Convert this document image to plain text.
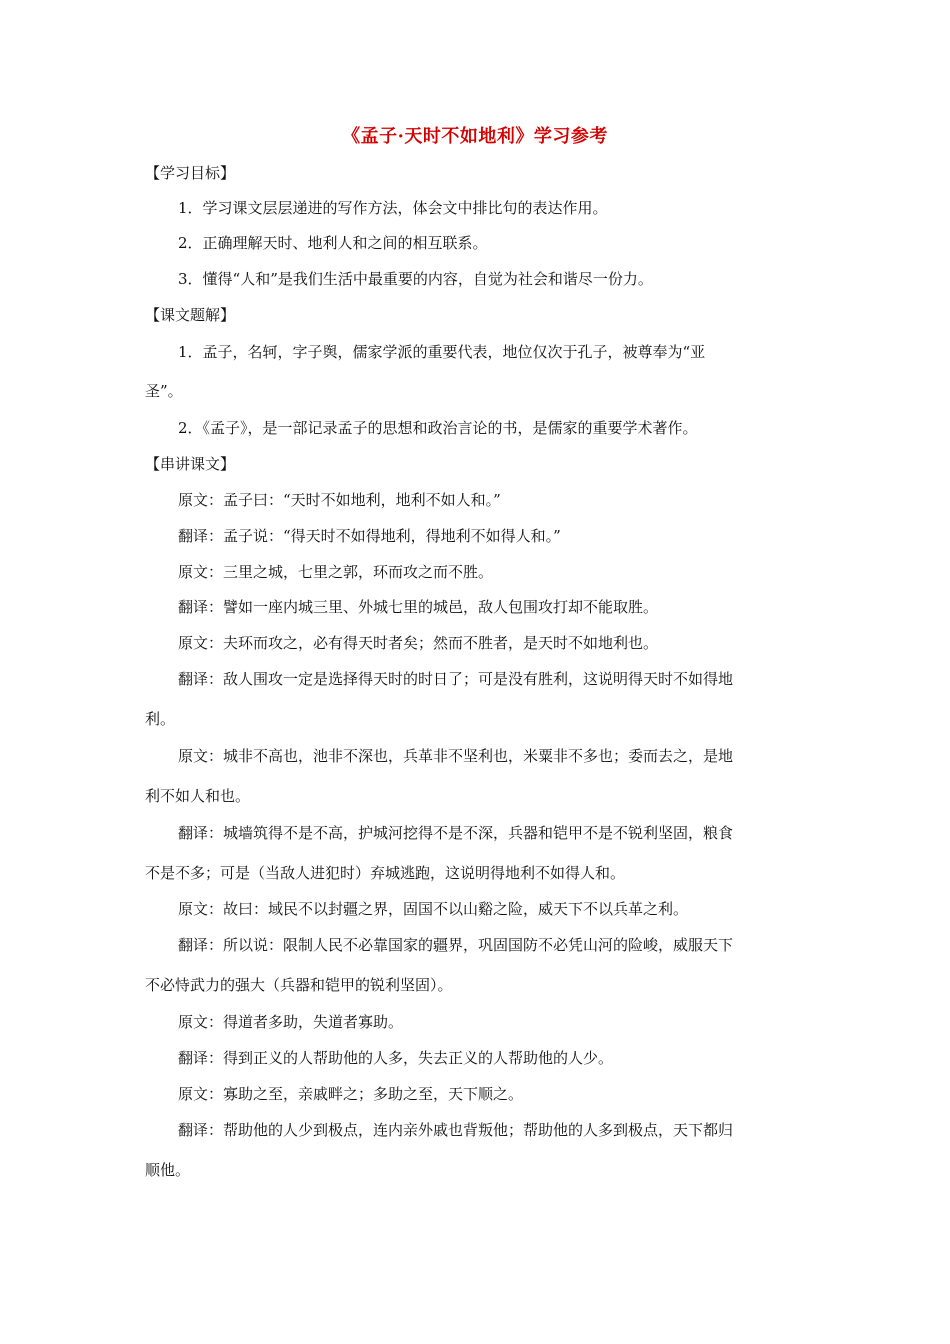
《孟子·天时不如地利》学习参考
【学习目标】
1．学习课文层层递进的写作方法，体会文中排比句的表达作用。
2．正确理解天时、地利人和之间的相互联系。
3．懂得“人和”是我们生活中最重要的内容，自觉为社会和谐尽一份力。
【课文题解】
1．孟子，名轲，字子舆，儒家学派的重要代表，地位仅次于孔子，被尊奉为“亚
圣”。
2．《孟子》，是一部记录孟子的思想和政治言论的书，是儒家的重要学术著作。
【串讲课文】
原文：孟子曰：“天时不如地利，地利不如人和。”
翻译：孟子说：“得天时不如得地利，得地利不如得人和。”
原文：三里之城，七里之郭，环而攻之而不胜。
翻译：譬如一座内城三里、外城七里的城邑，敌人包围攻打却不能取胜。
原文：夫环而攻之，必有得天时者矣；然而不胜者，是天时不如地利也。
翻译：敌人围攻一定是选择得天时的时日了；可是没有胜利，这说明得天时不如得地
利。
原文：城非不高也，池非不深也，兵革非不坚利也，米粟非不多也；委而去之，是地
利不如人和也。
翻译：城墙筑得不是不高，护城河挖得不是不深，兵器和铠甲不是不锐利坚固，粮食
不是不多；可是（当敌人进犯时）弃城逃跑，这说明得地利不如得人和。
原文：故曰：域民不以封疆之界，固国不以山谿之险，威天下不以兵革之利。
翻译：所以说：限制人民不必靠国家的疆界，巩固国防不必凭山河的险峻，威服天下
不必恃武力的强大（兵器和铠甲的锐利坚固）。
原文：得道者多助，失道者寡助。
翻译：得到正义的人帮助他的人多，失去正义的人帮助他的人少。
原文：寡助之至，亲戚畔之；多助之至，天下顺之。
翻译：帮助他的人少到极点，连内亲外戚也背叛他；帮助他的人多到极点，天下都归
顺他。
